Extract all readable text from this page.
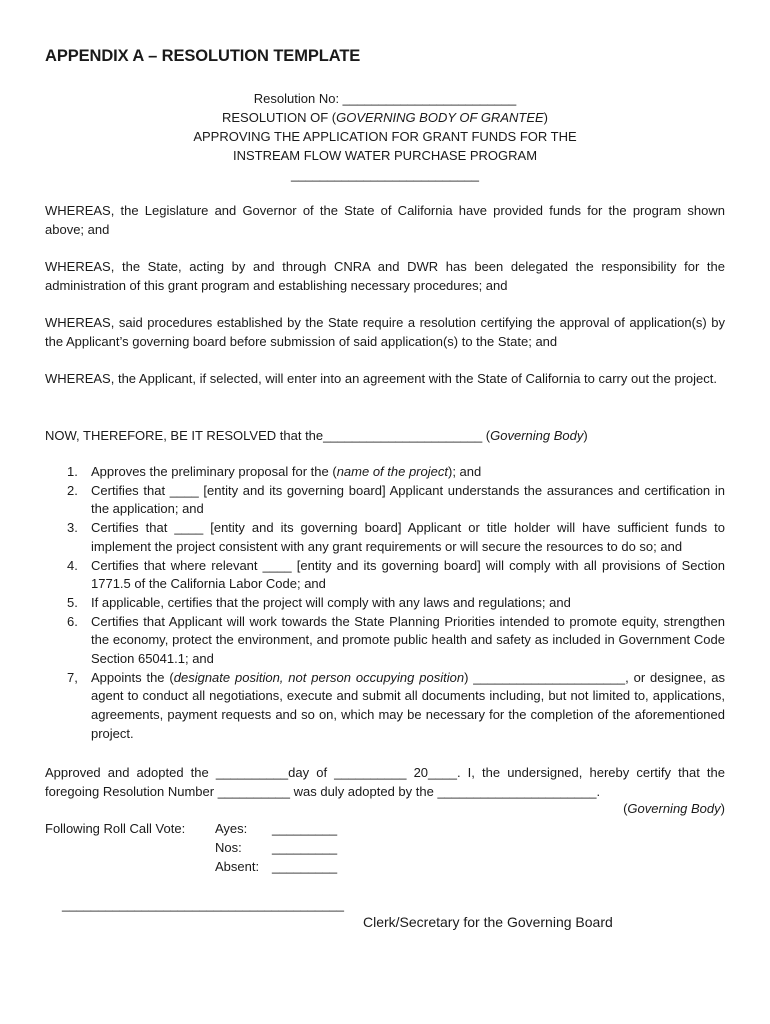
APPENDIX A – RESOLUTION TEMPLATE
Resolution No: ________________________
RESOLUTION OF (GOVERNING BODY OF GRANTEE)
APPROVING THE APPLICATION FOR GRANT FUNDS FOR THE
INSTREAM FLOW WATER PURCHASE PROGRAM
__________________________
WHEREAS, the Legislature and Governor of the State of California have provided funds for the program shown above; and
WHEREAS, the State, acting by and through CNRA and DWR has been delegated the responsibility for the administration of this grant program and establishing necessary procedures; and
WHEREAS, said procedures established by the State require a resolution certifying the approval of application(s) by the Applicant’s governing board before submission of said application(s) to the State; and
WHEREAS, the Applicant, if selected, will enter into an agreement with the State of California to carry out the project.
NOW, THEREFORE, BE IT RESOLVED that the______________________ (Governing Body)
1. Approves the preliminary proposal for the (name of the project); and
2. Certifies that ____ [entity and its governing board] Applicant understands the assurances and certification in the application; and
3. Certifies that ____ [entity and its governing board] Applicant or title holder will have sufficient funds to implement the project consistent with any grant requirements or will secure the resources to do so; and
4. Certifies that where relevant ____ [entity and its governing board] will comply with all provisions of Section 1771.5 of the California Labor Code; and
5. If applicable, certifies that the project will comply with any laws and regulations; and
6. Certifies that Applicant will work towards the State Planning Priorities intended to promote equity, strengthen the economy, protect the environment, and promote public health and safety as included in Government Code Section 65041.1; and
7, Appoints the (designate position, not person occupying position) _____________________, or designee, as agent to conduct all negotiations, execute and submit all documents including, but not limited to, applications, agreements, payment requests and so on, which may be necessary for the completion of the aforementioned project.
Approved and adopted the __________day of __________ 20____. I, the undersigned, hereby certify that the foregoing Resolution Number __________ was duly adopted by the ______________________.
(Governing Body)
Following Roll Call Vote: Ayes: _________
Nos: _________
Absent: _________
_______________________________________
Clerk/Secretary for the Governing Board
